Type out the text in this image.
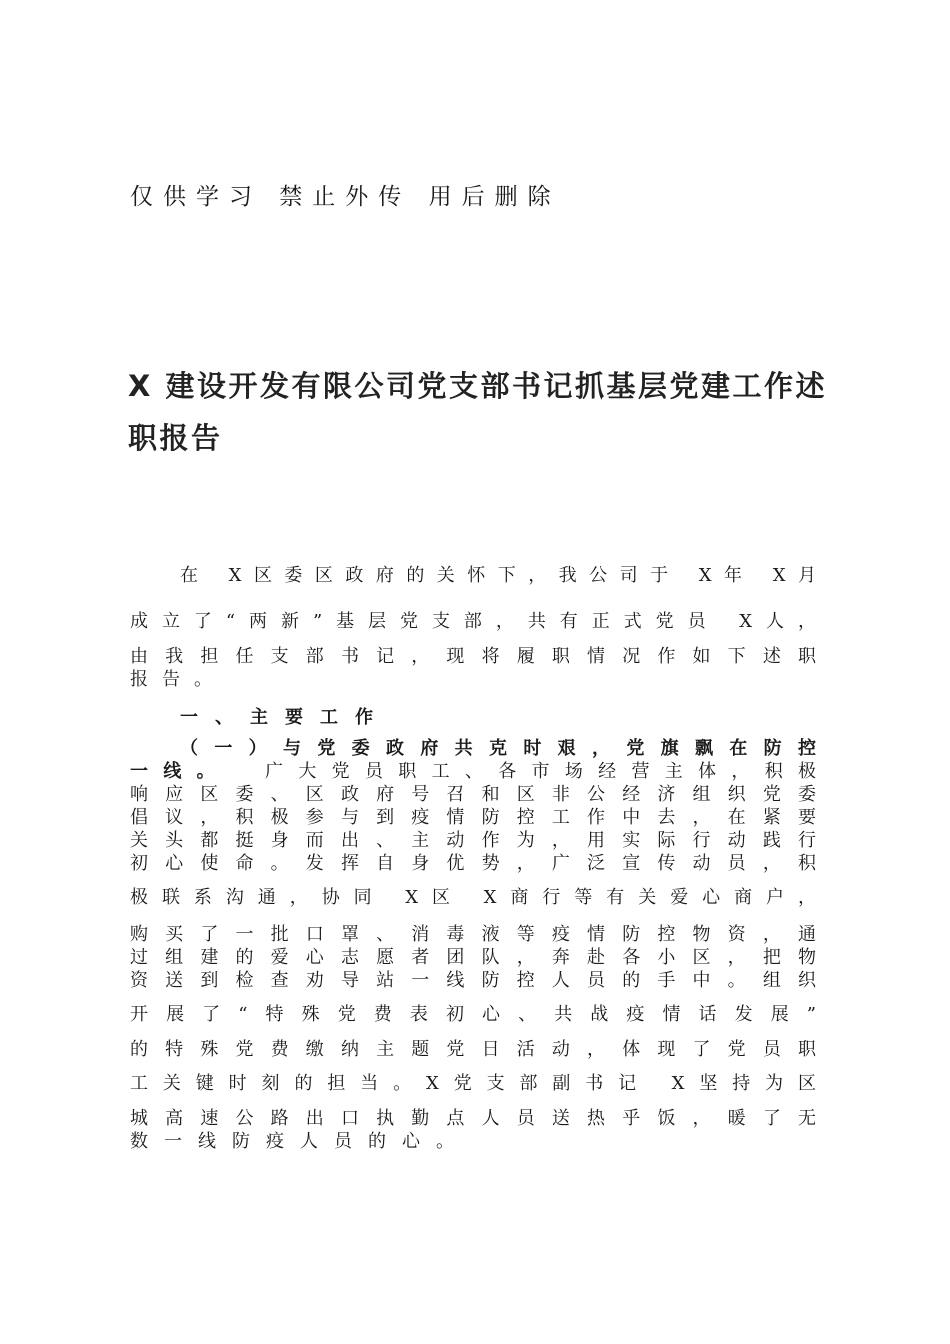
仅供学习 禁止外传 用后删除
X 建设开发有限公司党支部书记抓基层党建工作述职报告
在 X区委区政府的关怀下，我公司于 X年 X月
成立了“两新”基层党支部，共有正式党员 X人，
由我担任支部书记，现将履职情况作如下述职
报告。
一、主要工作
（一）与党委政府共克时艰，党旗飘在防控
一线。 广大党员职工、各市场经营主体，积极
响应区委、区政府号召和区非公经济组织党委
倡议，积极参与到疫情防控工作中去，在紧要
关头都挺身而出、主动作为，用实际行动践行
初心使命。发挥自身优势，广泛宣传动员，积
极联系沟通，协同 X区 X商行等有关爱心商户，
购买了一批口罩、消毒液等疫情防控物资，通
过组建的爱心志愿者团队，奔赴各小区，把物
资送到检查劝导站一线防控人员的手中。组织
开展了“特殊党费表初心、共战疫情话发展”
的特殊党费缴纳主题党日活动，体现了党员职
工关键时刻的担当。X党支部副书记 X坚持为区
城高速公路出口执勤点人员送热乎饭，暖了无
数一线防疫人员的心。
